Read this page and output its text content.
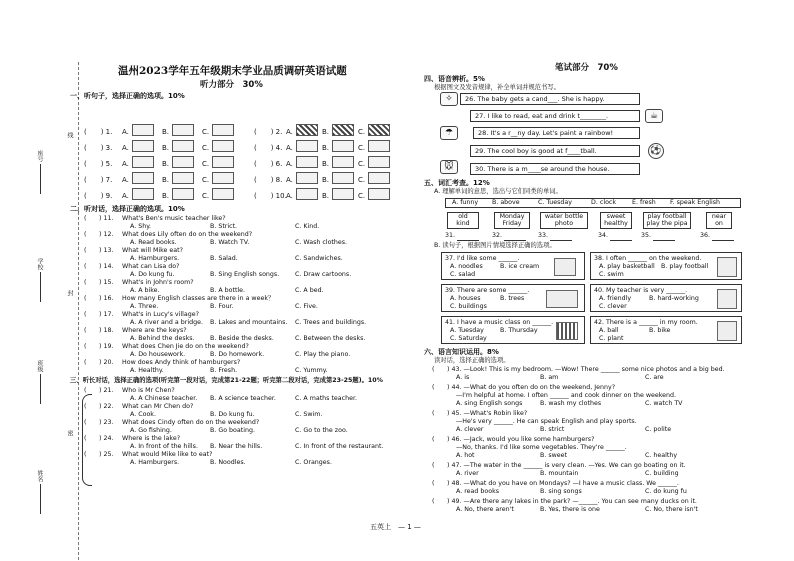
座号
线
学校
封
班级
密
姓名
温州2023学年五年级期末学业品质调研英语试题
听力部分　30%
笔试部分　70%
一、听句子，选择正确的选项。10%
(　　) 1. A.	B.	C.	(　　) 2. A.	B.	C.
(　　) 3. A.	B.	C.	(　　) 4. A.	B.	C.
(　　) 5. A.	B.	C.	(　　) 6. A.	B.	C.
(　　) 7. A.	B.	C.	(　　) 8. A.	B.	C.
(　　) 9. A.	B.	C.	(　　) 10. A.	B.	C.
二、听对话，选择正确的选项。10%
(　　) 11. What's Ben's music teacher like?
A. Shy.	B. Strict.	C. Kind.
(　　) 12. What does Lily often do on the weekend?
A. Read books.	B. Watch TV.	C. Wash clothes.
(　　) 13. What will Mike eat?
A. Hamburgers.	B. Salad.	C. Sandwiches.
(　　) 14. What can Lisa do?
A. Do kung fu.	B. Sing English songs.	C. Draw cartoons.
(　　) 15. What's in John's room?
A. A bike.	B. A bottle.	C. A bed.
(　　) 16. How many English classes are there in a week？
A. Three.	B. Four.	C. Five.
(　　) 17. What's in Lucy's village?
A. A river and a bridge. B. Lakes and mountains. C. Trees and buildings.
(　　) 18. Where are the keys?
A. Behind the desks. B. Beside the desks.	C. Between the desks.
(　　) 19. What does Chen Jie do on the weekend?
A. Do housework.	B. Do homework.	C. Play the piano.
(　　) 20. How does Andy think of hamburgers?
A. Healthy.	B. Fresh.	C. Yummy.
三、听长对话，选择正确的选项(听完第一段对话，完成第21-22题；听完第二段对话，完成第23-25题)。10%
(　　) 21. Who is Mr Chen?
A. A Chinese teacher. B. A science teacher.	C. A maths teacher.
(　　) 22. What can Mr Chen do?
A. Cook.	B. Do kung fu.	C. Swim.
(　　) 23. What does Cindy often do on the weekend?
A. Go fishing.	B. Go boating.	C. Go to the zoo.
(　　) 24. Where is the lake?
A. In front of the hills. B. Near the hills.	C. In front of the restaurant.
(　　) 25. What would Mike like to eat?
A. Hamburgers.	B. Noodles.	C. Oranges.
四、语音辨析。5%
根据图文及发音规律，补全单词并规范书写。
✧	26. The baby gets a cand___. She is happy.
27. I like to read, eat and drink t________.	☕
☂	28. It's a r__ny day. Let's paint a rainbow!
29. The cool boy is good at f____tball.	⚽
🐭	30. There is a m____se around the house.
五、词汇考查。12%
A. 理解单词的意思，选出与它们同类的单词。
A. funny B. above	C. Tuesday	D. clock	E. fresh F. speak English
old
kind
31.
Monday
Friday
32.
water bottle
photo
33.
sweet
healthy
34.
play football
play the pipa
35.
near
on
36.
B. 读句子，根据图片情境选择正确的选项。
37. I'd like some ______.
A. noodles	B. ice cream
C. salad
38. I often ______ on the weekend.
A. play basketball B. play football
C. swim
39. There are some ______.
A. houses	B. trees
C. buildings
40. My teacher is very ______.
A. friendly	B. hard-working
C. clever
41. I have a music class on ______.
A. Tuesday	B. Thursday
C. Saturday
42. There is a ______ in my room.
A. ball	B. bike
C. plant
六、语言知识运用。8%
读对话，选择正确的选项。
(　　) 43. —Look! This is my bedroom. —Wow! There ______ some nice photos and a big bed.
A. is	B. am	C. are
(　　) 44. —What do you often do on the weekend, Jenny?
—I'm helpful at home. I often ______ and cook dinner on the weekend.
A. sing English songs	B. wash my clothes	C. watch TV
(　　) 45. —What's Robin like?
—He's very ______. He can speak English and play sports.
A. clever	B. strict	C. polite
(　　) 46. —Jack, would you like some hamburgers?
—No, thanks. I'd like some vegetables. They're ______.
A. hot	B. sweet	C. healthy
(　　) 47. —The water in the ______ is very clean. —Yes. We can go boating on it.
A. river	B. mountain	C. building
(　　) 48. —What do you have on Mondays? —I have a music class. We ______.
A. read books	B. sing songs	C. do kung fu
(　　) 49. —Are there any lakes in the park? —______. You can see many ducks on it.
A. No, there aren't	B. Yes, there is one	C. No, there isn't
五英上　— 1 —
